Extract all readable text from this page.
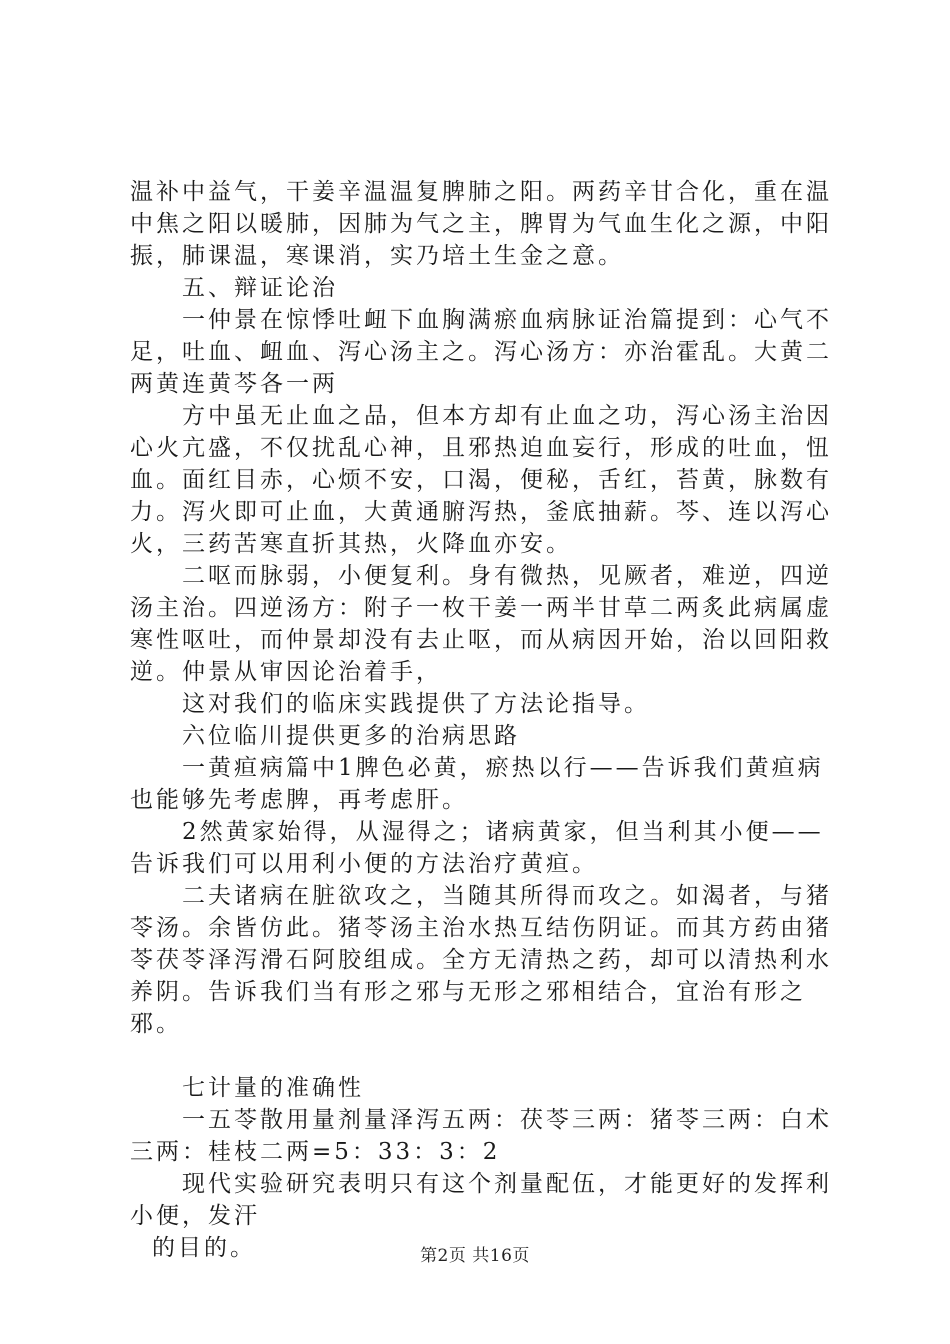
温补中益气，干姜辛温温复脾肺之阳。两药辛甘合化，重在温中焦之阳以暖肺，因肺为气之主，脾胃为气血生化之源，中阳振，肺课温，寒课消，实乃培土生金之意。

五、辩证论治

一仲景在惊悸吐衄下血胸满瘀血病脉证治篇提到：心气不足，吐血、衄血、泻心汤主之。泻心汤方：亦治霍乱。大黄二两黄连黄芩各一两

方中虽无止血之品，但本方却有止血之功，泻心汤主治因心火亢盛，不仅扰乱心神，且邪热迫血妄行，形成的吐血，忸血。面红目赤，心烦不安，口渴，便秘，舌红，苔黄，脉数有力。泻火即可止血，大黄通腑泻热，釜底抽薪。芩、连以泻心火，三药苦寒直折其热，火降血亦安。

二呕而脉弱，小便复利。身有微热，见厥者，难逆，四逆汤主治。四逆汤方：附子一枚干姜一两半甘草二两炙此病属虚寒性呕吐，而仲景却没有去止呕，而从病因开始，治以回阳救逆。仲景从审因论治着手，

这对我们的临床实践提供了方法论指导。

六位临川提供更多的治病思路

一黄疸病篇中1脾色必黄，瘀热以行——告诉我们黄疸病也能够先考虑脾，再考虑肝。

2然黄家始得，从湿得之；诸病黄家，但当利其小便——告诉我们可以用利小便的方法治疗黄疸。

二夫诸病在脏欲攻之，当随其所得而攻之。如渴者，与猪苓汤。余皆仿此。猪苓汤主治水热互结伤阴证。而其方药由猪苓茯苓泽泻滑石阿胶组成。全方无清热之药，却可以清热利水养阴。告诉我们当有形之邪与无形之邪相结合，宜治有形之邪。

七计量的准确性

一五苓散用量剂量泽泻五两：茯苓三两：猪苓三两：白术三两：桂枝二两=5：33：3：2

现代实验研究表明只有这个剂量配伍，才能更好的发挥利小便，发汗

的目的。	第2页 共16页
